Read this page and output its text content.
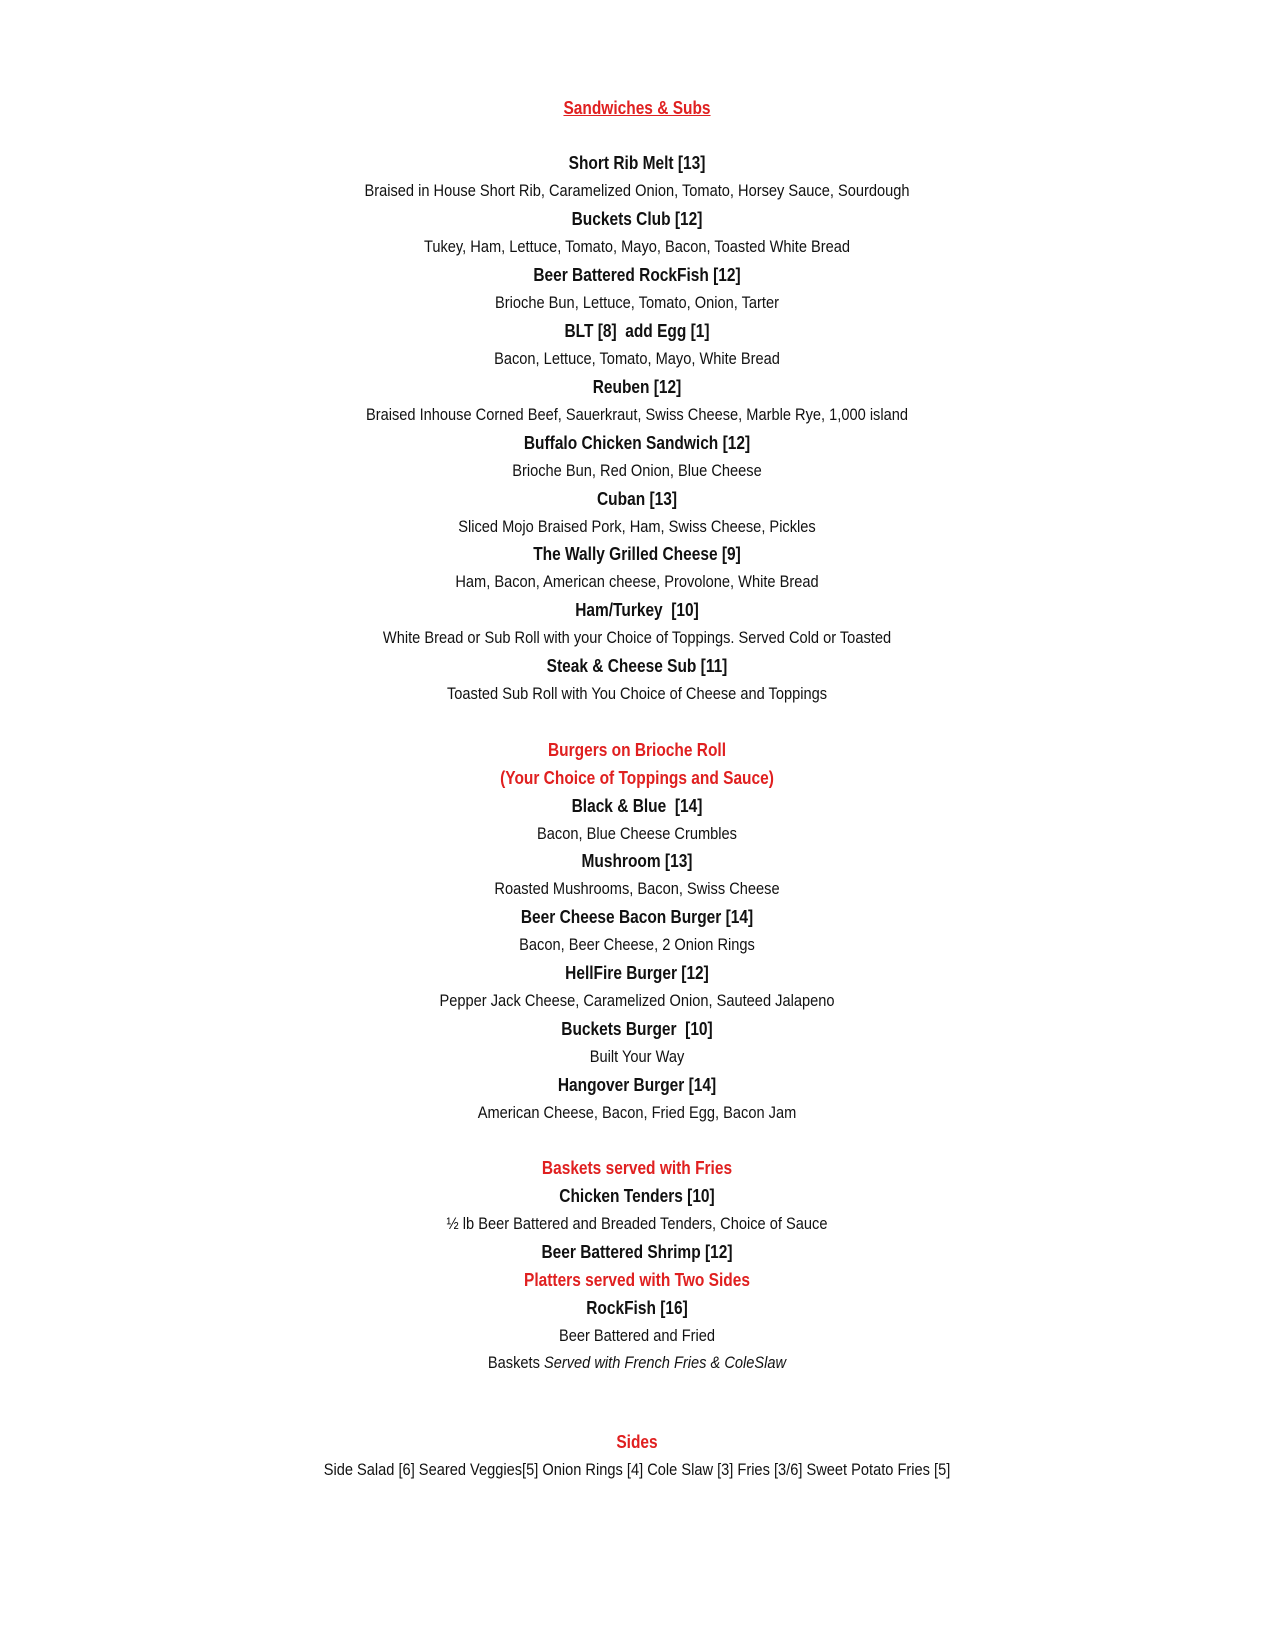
Sandwiches & Subs
Short Rib Melt [13]
Braised in House Short Rib, Caramelized Onion, Tomato, Horsey Sauce, Sourdough
Buckets Club [12]
Tukey, Ham, Lettuce, Tomato, Mayo, Bacon, Toasted White Bread
Beer Battered RockFish [12]
Brioche Bun, Lettuce, Tomato, Onion, Tarter
BLT [8]  add Egg [1]
Bacon, Lettuce, Tomato, Mayo, White Bread
Reuben [12]
Braised Inhouse Corned Beef, Sauerkraut, Swiss Cheese, Marble Rye, 1,000 island
Buffalo Chicken Sandwich [12]
Brioche Bun, Red Onion, Blue Cheese
Cuban [13]
Sliced Mojo Braised Pork, Ham, Swiss Cheese, Pickles
The Wally Grilled Cheese [9]
Ham, Bacon, American cheese, Provolone, White Bread
Ham/Turkey  [10]
White Bread or Sub Roll with your Choice of Toppings. Served Cold or Toasted
Steak & Cheese Sub [11]
Toasted Sub Roll with You Choice of Cheese and Toppings
Burgers on Brioche Roll
(Your Choice of Toppings and Sauce)
Black & Blue  [14]
Bacon, Blue Cheese Crumbles
Mushroom [13]
Roasted Mushrooms, Bacon, Swiss Cheese
Beer Cheese Bacon Burger [14]
Bacon, Beer Cheese, 2 Onion Rings
HellFire Burger [12]
Pepper Jack Cheese, Caramelized Onion, Sauteed Jalapeno
Buckets Burger  [10]
Built Your Way
Hangover Burger [14]
American Cheese, Bacon, Fried Egg, Bacon Jam
Baskets served with Fries
Chicken Tenders [10]
½ lb Beer Battered and Breaded Tenders, Choice of Sauce
Beer Battered Shrimp [12]
Platters served with Two Sides
RockFish [16]
Beer Battered and Fried
Baskets Served with French Fries & ColeSlaw
Sides
Side Salad [6] Seared Veggies[5] Onion Rings [4] Cole Slaw [3] Fries [3/6] Sweet Potato Fries [5]
